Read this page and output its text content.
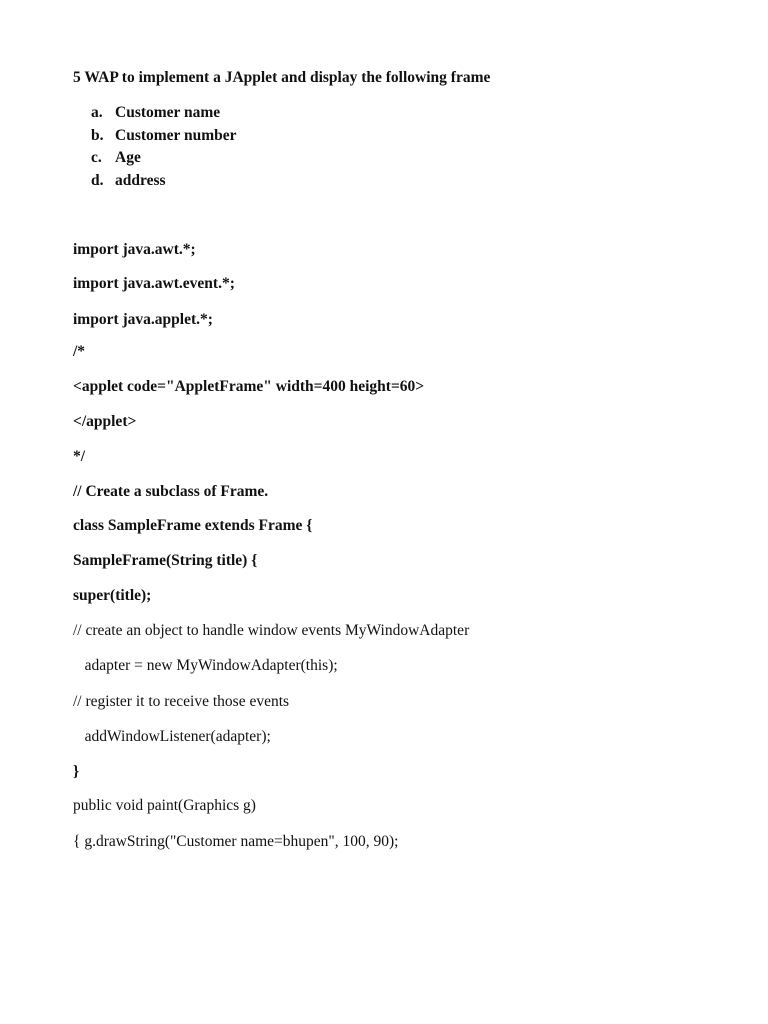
5 WAP to implement a JApplet and display the following frame
a. Customer name
b. Customer number
c. Age
d. address
import java.awt.*;
import java.awt.event.*;
import java.applet.*;
/*
<applet code="AppletFrame" width=400 height=60>
</applet>
*/
// Create a subclass of Frame.
class SampleFrame extends Frame {
SampleFrame(String title) {
super(title);
// create an object to handle window events MyWindowAdapter
adapter = new MyWindowAdapter(this);
// register it to receive those events
addWindowListener(adapter);
}
public void paint(Graphics g)
{ g.drawString("Customer name=bhupen", 100, 90);
